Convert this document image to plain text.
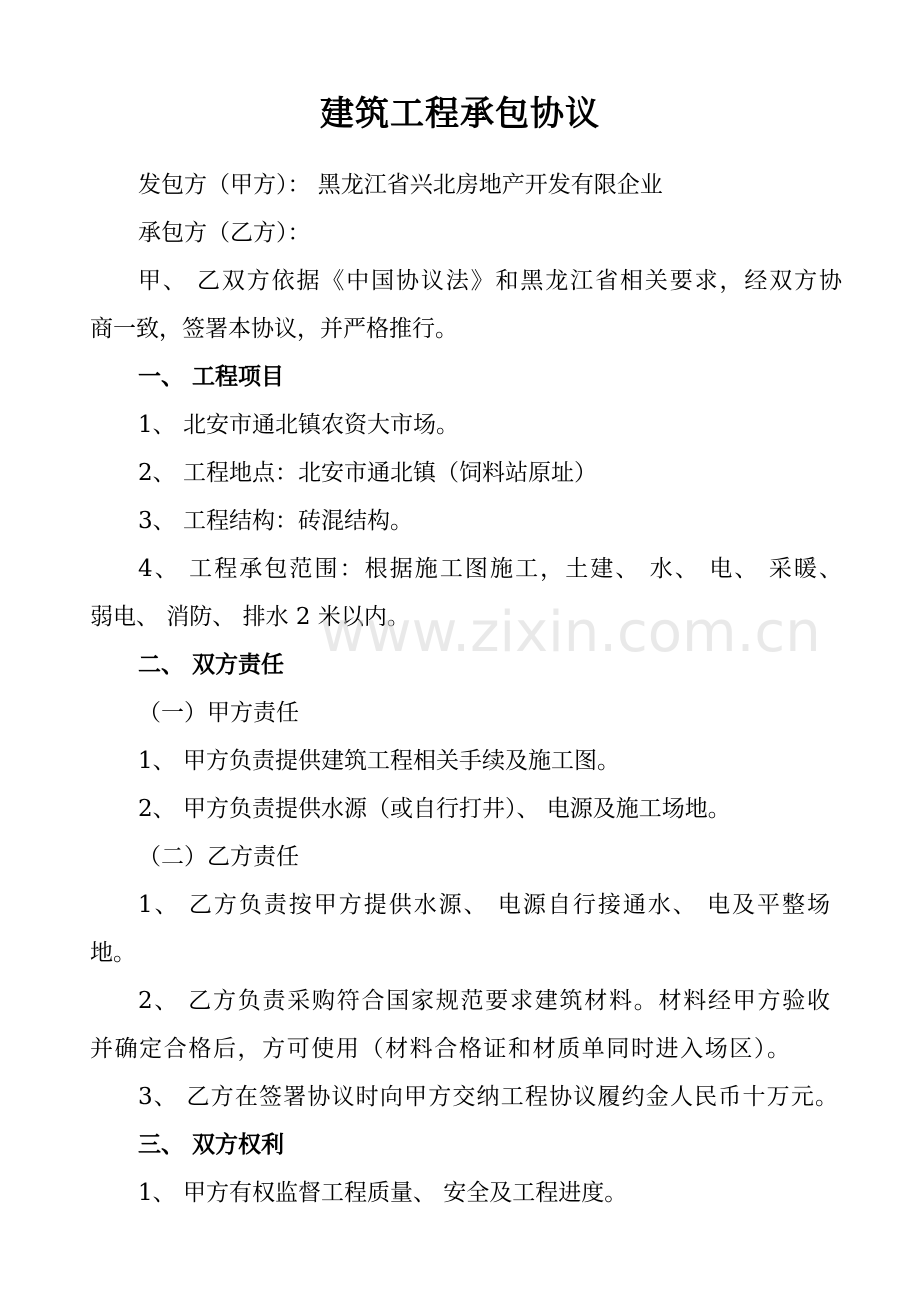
建筑工程承包协议
发包方（甲方）： 黑龙江省兴北房地产开发有限企业
承包方（乙方）：
甲、 乙双方依据《中国协议法》和黑龙江省相关要求，经双方协
商一致，签署本协议，并严格推行。
一、 工程项目
1、 北安市通北镇农资大市场。
2、 工程地点：北安市通北镇（饲料站原址）
3、 工程结构：砖混结构。
4、 工程承包范围：根据施工图施工，土建、 水、 电、 采暖、
弱电、 消防、 排水 2 米以内。
二、 双方责任
（一）甲方责任
1、 甲方负责提供建筑工程相关手续及施工图。
2、 甲方负责提供水源（或自行打井）、 电源及施工场地。
（二）乙方责任
1、 乙方负责按甲方提供水源、 电源自行接通水、 电及平整场
地。
2、 乙方负责采购符合国家规范要求建筑材料。材料经甲方验收
并确定合格后，方可使用（材料合格证和材质单同时进入场区）。
3、 乙方在签署协议时向甲方交纳工程协议履约金人民币十万元。
三、 双方权利
1、 甲方有权监督工程质量、 安全及工程进度。
www.zixin.com.cn
